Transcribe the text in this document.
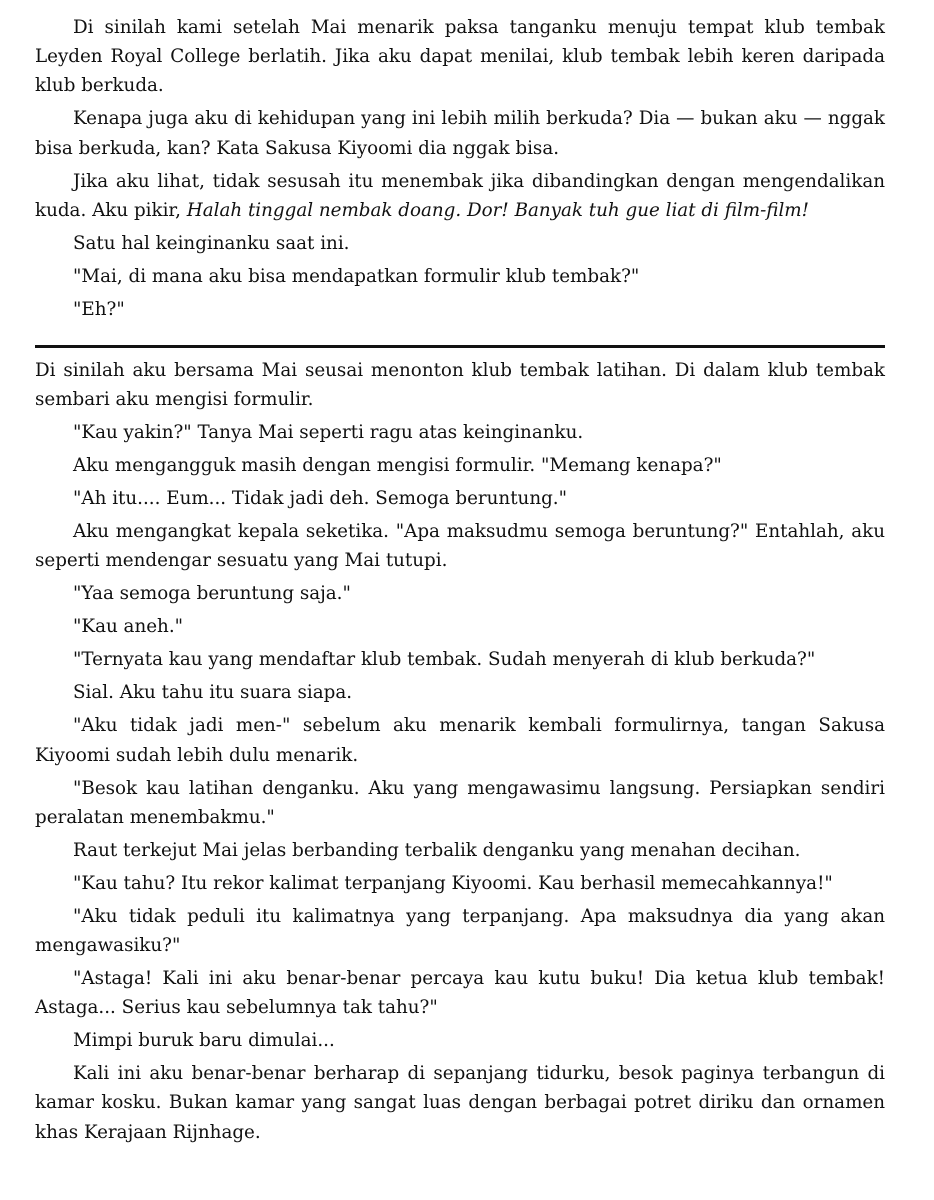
Di sinilah kami setelah Mai menarik paksa tanganku menuju tempat klub tembak Leyden Royal College berlatih. Jika aku dapat menilai, klub tembak lebih keren daripada klub berkuda.

Kenapa juga aku di kehidupan yang ini lebih milih berkuda? Dia — bukan aku — nggak bisa berkuda, kan? Kata Sakusa Kiyoomi dia nggak bisa.

Jika aku lihat, tidak sesusah itu menembak jika dibandingkan dengan mengendalikan kuda. Aku pikir, Halah tinggal nembak doang. Dor! Banyak tuh gue liat di film-film!

Satu hal keinginanku saat ini.

"Mai, di mana aku bisa mendapatkan formulir klub tembak?"

"Eh?"

Di sinilah aku bersama Mai seusai menonton klub tembak latihan. Di dalam klub tembak sembari aku mengisi formulir.

"Kau yakin?" Tanya Mai seperti ragu atas keinginanku.

Aku mengangguk masih dengan mengisi formulir. "Memang kenapa?"

"Ah itu.... Eum... Tidak jadi deh. Semoga beruntung."

Aku mengangkat kepala seketika. "Apa maksudmu semoga beruntung?" Entahlah, aku seperti mendengar sesuatu yang Mai tutupi.

"Yaa semoga beruntung saja."

"Kau aneh."

"Ternyata kau yang mendaftar klub tembak. Sudah menyerah di klub berkuda?"

Sial. Aku tahu itu suara siapa.

"Aku tidak jadi men-" sebelum aku menarik kembali formulirnya, tangan Sakusa Kiyoomi sudah lebih dulu menarik.

"Besok kau latihan denganku. Aku yang mengawasimu langsung. Persiapkan sendiri peralatan menembakmu."

Raut terkejut Mai jelas berbanding terbalik denganku yang menahan decihan.

"Kau tahu? Itu rekor kalimat terpanjang Kiyoomi. Kau berhasil memecahkannya!"

"Aku tidak peduli itu kalimatnya yang terpanjang. Apa maksudnya dia yang akan mengawasiku?"

"Astaga! Kali ini aku benar-benar percaya kau kutu buku! Dia ketua klub tembak! Astaga... Serius kau sebelumnya tak tahu?"

Mimpi buruk baru dimulai...

Kali ini aku benar-benar berharap di sepanjang tidurku, besok paginya terbangun di kamar kosku. Bukan kamar yang sangat luas dengan berbagai potret diriku dan ornamen khas Kerajaan Rijnhage.
